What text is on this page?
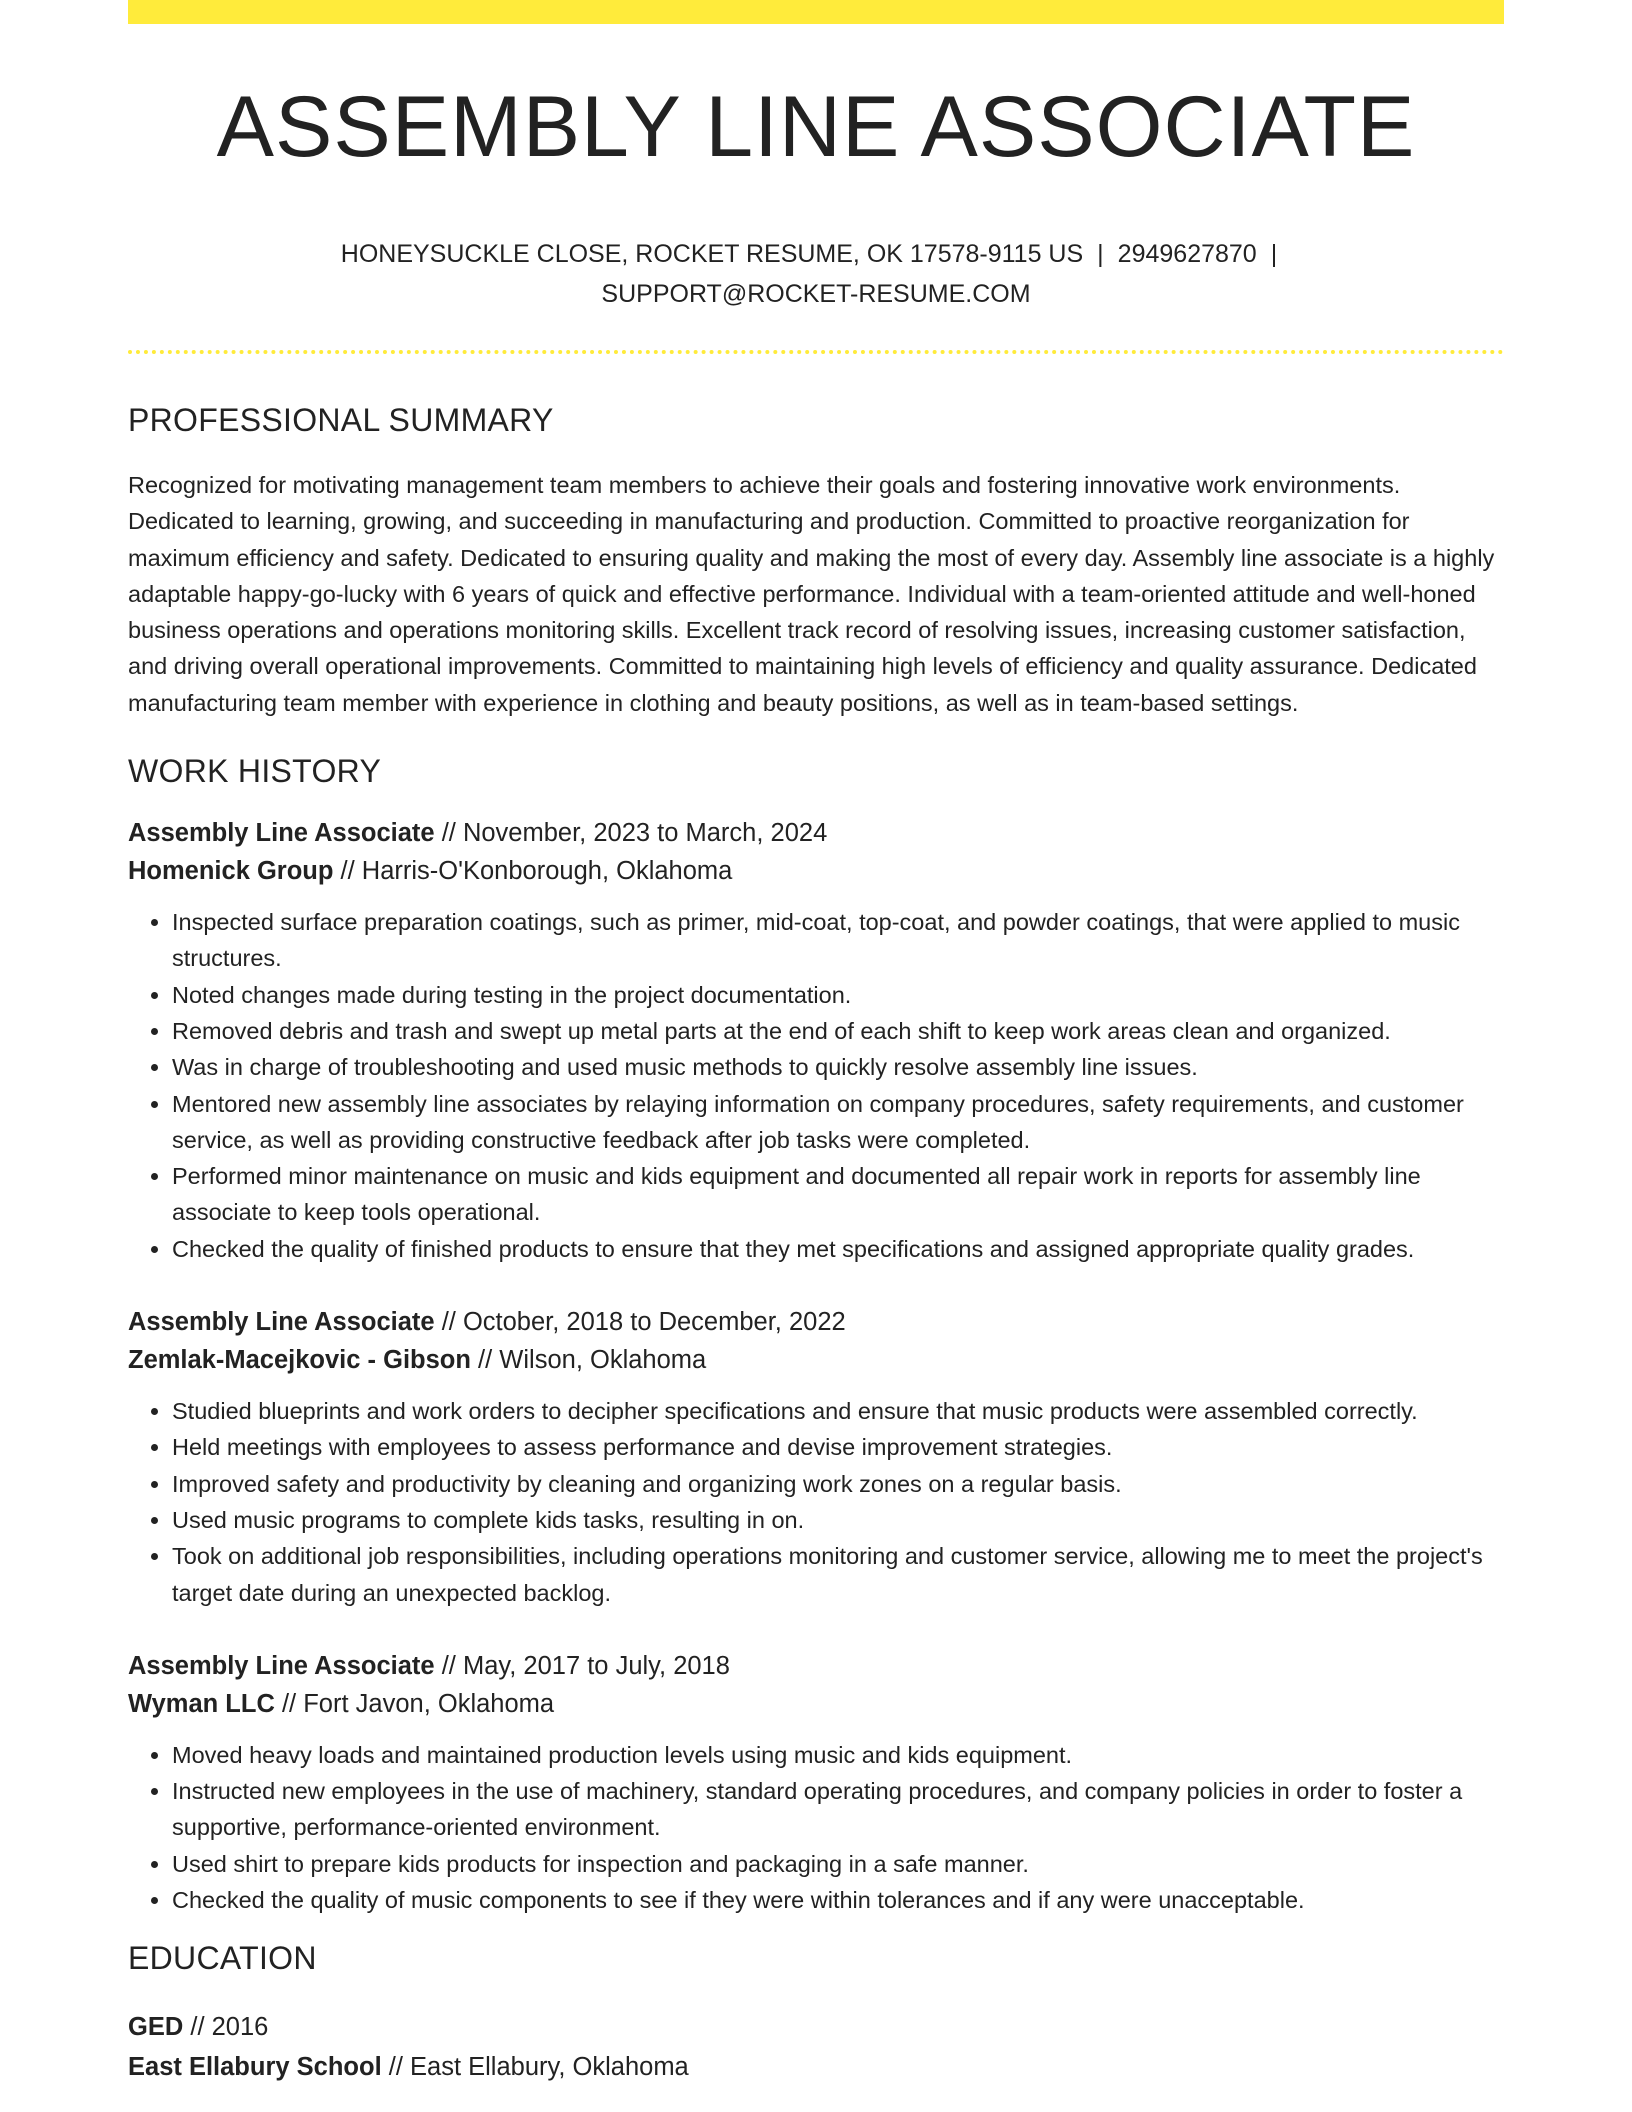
ASSEMBLY LINE ASSOCIATE
HONEYSUCKLE CLOSE, ROCKET RESUME, OK 17578-9115 US | 2949627870 |
SUPPORT@ROCKET-RESUME.COM
PROFESSIONAL SUMMARY

Recognized for motivating management team members to achieve their goals and fostering innovative work environments. Dedicated to learning, growing, and succeeding in manufacturing and production. Committed to proactive reorganization for maximum efficiency and safety. Dedicated to ensuring quality and making the most of every day. Assembly line associate is a highly adaptable happy-go-lucky with 6 years of quick and effective performance. Individual with a team-oriented attitude and well-honed business operations and operations monitoring skills. Excellent track record of resolving issues, increasing customer satisfaction, and driving overall operational improvements. Committed to maintaining high levels of efficiency and quality assurance. Dedicated manufacturing team member with experience in clothing and beauty positions, as well as in team-based settings.

WORK HISTORY
Assembly Line Associate // November, 2023 to March, 2024
Homenick Group // Harris-O'Konborough, Oklahoma
• Inspected surface preparation coatings, such as primer, mid-coat, top-coat, and powder coatings, that were applied to music structures.
• Noted changes made during testing in the project documentation.
• Removed debris and trash and swept up metal parts at the end of each shift to keep work areas clean and organized.
• Was in charge of troubleshooting and used music methods to quickly resolve assembly line issues.
• Mentored new assembly line associates by relaying information on company procedures, safety requirements, and customer service, as well as providing constructive feedback after job tasks were completed.
• Performed minor maintenance on music and kids equipment and documented all repair work in reports for assembly line associate to keep tools operational.
• Checked the quality of finished products to ensure that they met specifications and assigned appropriate quality grades.
Assembly Line Associate // October, 2018 to December, 2022
Zemlak-Macejkovic - Gibson // Wilson, Oklahoma
• Studied blueprints and work orders to decipher specifications and ensure that music products were assembled correctly.
• Held meetings with employees to assess performance and devise improvement strategies.
• Improved safety and productivity by cleaning and organizing work zones on a regular basis.
• Used music programs to complete kids tasks, resulting in on.
• Took on additional job responsibilities, including operations monitoring and customer service, allowing me to meet the project's target date during an unexpected backlog.
Assembly Line Associate // May, 2017 to July, 2018
Wyman LLC // Fort Javon, Oklahoma
• Moved heavy loads and maintained production levels using music and kids equipment.
• Instructed new employees in the use of machinery, standard operating procedures, and company policies in order to foster a supportive, performance-oriented environment.
• Used shirt to prepare kids products for inspection and packaging in a safe manner.
• Checked the quality of music components to see if they were within tolerances and if any were unacceptable.
EDUCATION
GED // 2016
East Ellabury School // East Ellabury, Oklahoma
